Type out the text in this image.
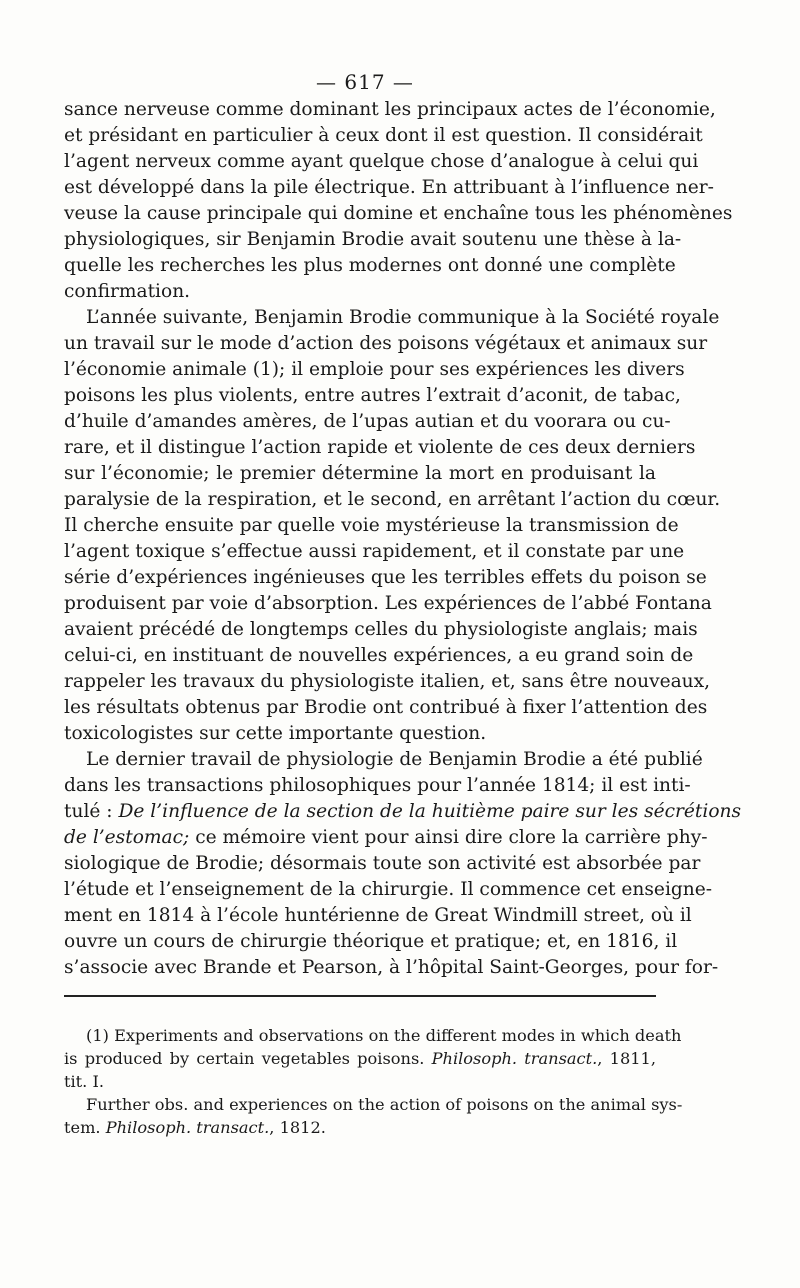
— 617 —
sance nerveuse comme dominant les principaux actes de l’économie,
et présidant en particulier à ceux dont il est question. Il considérait
l’agent nerveux comme ayant quelque chose d’analogue à celui qui
est développé dans la pile électrique. En attribuant à l’influence ner-
veuse la cause principale qui domine et enchaîne tous les phénomènes
physiologiques, sir Benjamin Brodie avait soutenu une thèse à la-
quelle les recherches les plus modernes ont donné une complète
confirmation.
L’année suivante, Benjamin Brodie communique à la Société royale
un travail sur le mode d’action des poisons végétaux et animaux sur
l’économie animale (1); il emploie pour ses expériences les divers
poisons les plus violents, entre autres l’extrait d’aconit, de tabac,
d’huile d’amandes amères, de l’upas autian et du voorara ou cu-
rare, et il distingue l’action rapide et violente de ces deux derniers
sur l’économie; le premier détermine la mort en produisant la
paralysie de la respiration, et le second, en arrêtant l’action du cœur.
Il cherche ensuite par quelle voie mystérieuse la transmission de
l’agent toxique s’effectue aussi rapidement, et il constate par une
série d’expériences ingénieuses que les terribles effets du poison se
produisent par voie d’absorption. Les expériences de l’abbé Fontana
avaient précédé de longtemps celles du physiologiste anglais; mais
celui-ci, en instituant de nouvelles expériences, a eu grand soin de
rappeler les travaux du physiologiste italien, et, sans être nouveaux,
les résultats obtenus par Brodie ont contribué à fixer l’attention des
toxicologistes sur cette importante question.
Le dernier travail de physiologie de Benjamin Brodie a été publié
dans les transactions philosophiques pour l’année 1814; il est inti-
tulé : De l’influence de la section de la huitième paire sur les sécrétions
de l’estomac; ce mémoire vient pour ainsi dire clore la carrière phy-
siologique de Brodie; désormais toute son activité est absorbée par
l’étude et l’enseignement de la chirurgie. Il commence cet enseigne-
ment en 1814 à l’école huntérienne de Great Windmill street, où il
ouvre un cours de chirurgie théorique et pratique; et, en 1816, il
s’associe avec Brande et Pearson, à l’hôpital Saint-Georges, pour for-
(1) Experiments and observations on the different modes in which death
is produced by certain vegetables poisons. Philosoph. transact., 1811,
tit. I.
Further obs. and experiences on the action of poisons on the animal sys-
tem. Philosoph. transact., 1812.
